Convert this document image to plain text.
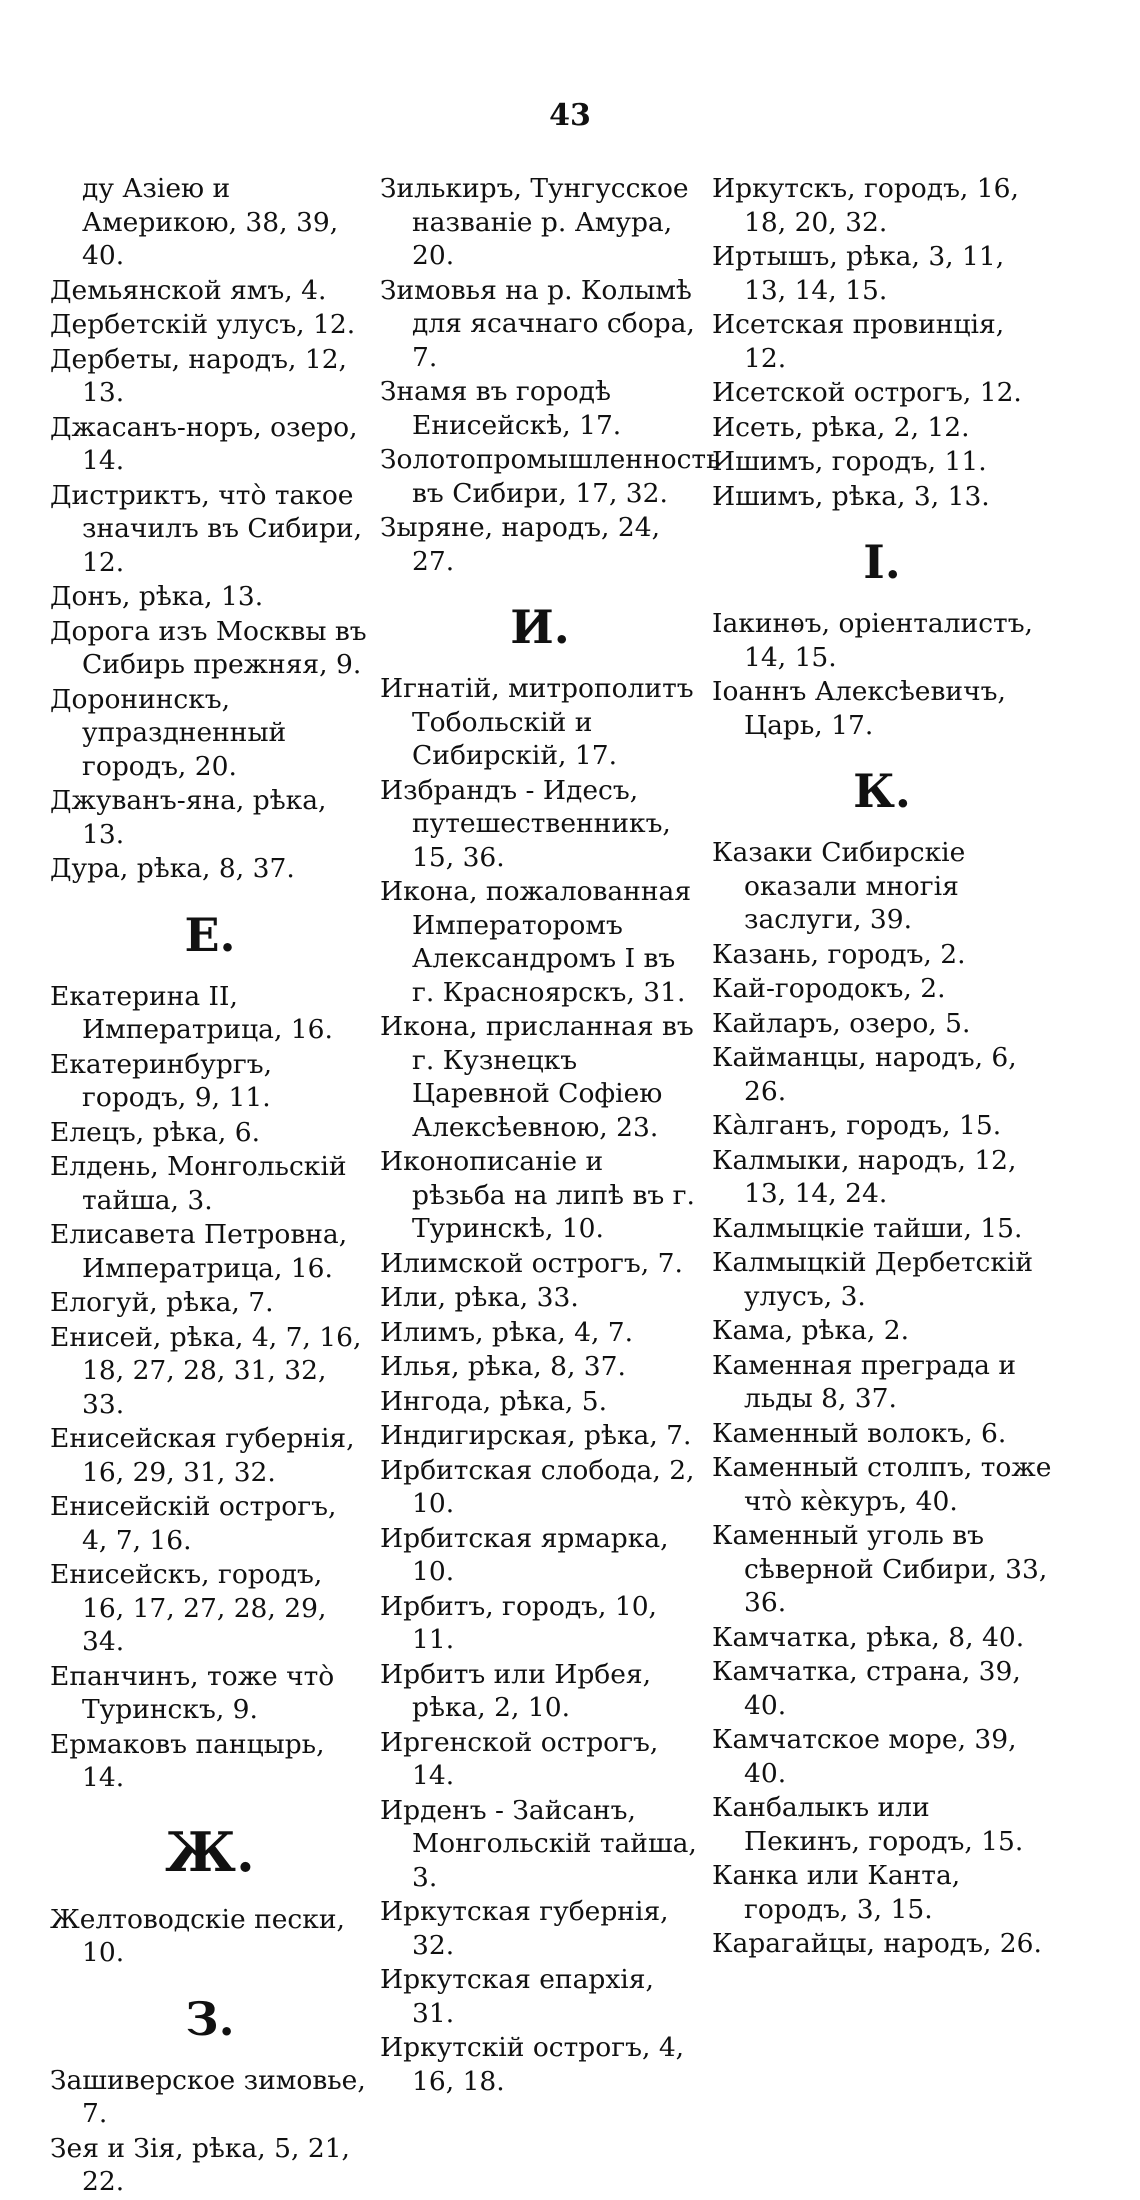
43
ду Азіею и Америкою, 38, 39, 40.
Демьянской ямъ, 4.
Дербетскій улусъ, 12.
Дербеты, народъ, 12, 13.
Джасанъ-норъ, озеро, 14.
Дистриктъ, что̀ такое значилъ въ Сибири, 12.
Донъ, рѣка, 13.
Дорога изъ Москвы въ Сибирь прежняя, 9.
Доронинскъ, упраздненный городъ, 20.
Джуванъ-яна, рѣка, 13.
Дура, рѣка, 8, 37.
Е.
Екатерина II, Императрица, 16.
Екатеринбургъ, городъ, 9, 11.
Елецъ, рѣка, 6.
Елдень, Монгольскій тайша, 3.
Елисавета Петровна, Императрица, 16.
Елогуй, рѣка, 7.
Енисей, рѣка, 4, 7, 16, 18, 27, 28, 31, 32, 33.
Енисейская губернія, 16, 29, 31, 32.
Енисейскій острогъ, 4, 7, 16.
Енисейскъ, городъ, 16, 17, 27, 28, 29, 34.
Епанчинъ, тоже что̀ Туринскъ, 9.
Ермаковъ панцырь, 14.
Ж.
Желтоводскіе пески, 10.
З.
Зашиверское зимовье, 7.
Зея и Зія, рѣка, 5, 21, 22.
Зилькиръ, Тунгусское названіе р. Амура, 20.
Зимовья на р. Колымѣ для ясачнаго сбора, 7.
Знамя въ городѣ Енисейскѣ, 17.
Золотопромышленность въ Сибири, 17, 32.
Зыряне, народъ, 24, 27.
И.
Игнатій, митрополитъ Тобольскій и Сибирскій, 17.
Избрандъ - Идесъ, путешественникъ, 15, 36.
Икона, пожалованная Императоромъ Александромъ I въ г. Красноярскъ, 31.
Икона, присланная въ г. Кузнецкъ Царевной Софіею Алексѣевною, 23.
Иконописаніе и рѣзьба на липѣ въ г. Туринскѣ, 10.
Илимской острогъ, 7.
Или, рѣка, 33.
Илимъ, рѣка, 4, 7.
Илья, рѣка, 8, 37.
Ингода, рѣка, 5.
Индигирская, рѣка, 7.
Ирбитская слобода, 2, 10.
Ирбитская ярмарка, 10.
Ирбитъ, городъ, 10, 11.
Ирбитъ или Ирбея, рѣка, 2, 10.
Иргенской острогъ, 14.
Ирденъ - Зайсанъ, Монгольскій тайша, 3.
Иркутская губернія, 32.
Иркутская епархія, 31.
Иркутскій острогъ, 4, 16, 18.
Иркутскъ, городъ, 16, 18, 20, 32.
Иртышъ, рѣка, 3, 11, 13, 14, 15.
Исетская провинція, 12.
Исетской острогъ, 12.
Исеть, рѣка, 2, 12.
Ишимъ, городъ, 11.
Ишимъ, рѣка, 3, 13.
І.
Іакинѳъ, оріенталистъ, 14, 15.
Іоаннъ Алексѣевичъ, Царь, 17.
К.
Казаки Сибирскіе оказали многія заслуги, 39.
Казань, городъ, 2.
Кай-городокъ, 2.
Кайларъ, озеро, 5.
Кайманцы, народъ, 6, 26.
Ка̀лганъ, городъ, 15.
Калмыки, народъ, 12, 13, 14, 24.
Калмыцкіе тайши, 15.
Калмыцкій Дербетскій улусъ, 3.
Кама, рѣка, 2.
Каменная преграда и льды 8, 37.
Каменный волокъ, 6.
Каменный столпъ, тоже что̀ кѐкуръ, 40.
Каменный уголь въ сѣверной Сибири, 33, 36.
Камчатка, рѣка, 8, 40.
Камчатка, страна, 39, 40.
Камчатское море, 39, 40.
Канбалыкъ или Пекинъ, городъ, 15.
Канка или Канта, городъ, 3, 15.
Карагайцы, народъ, 26.
